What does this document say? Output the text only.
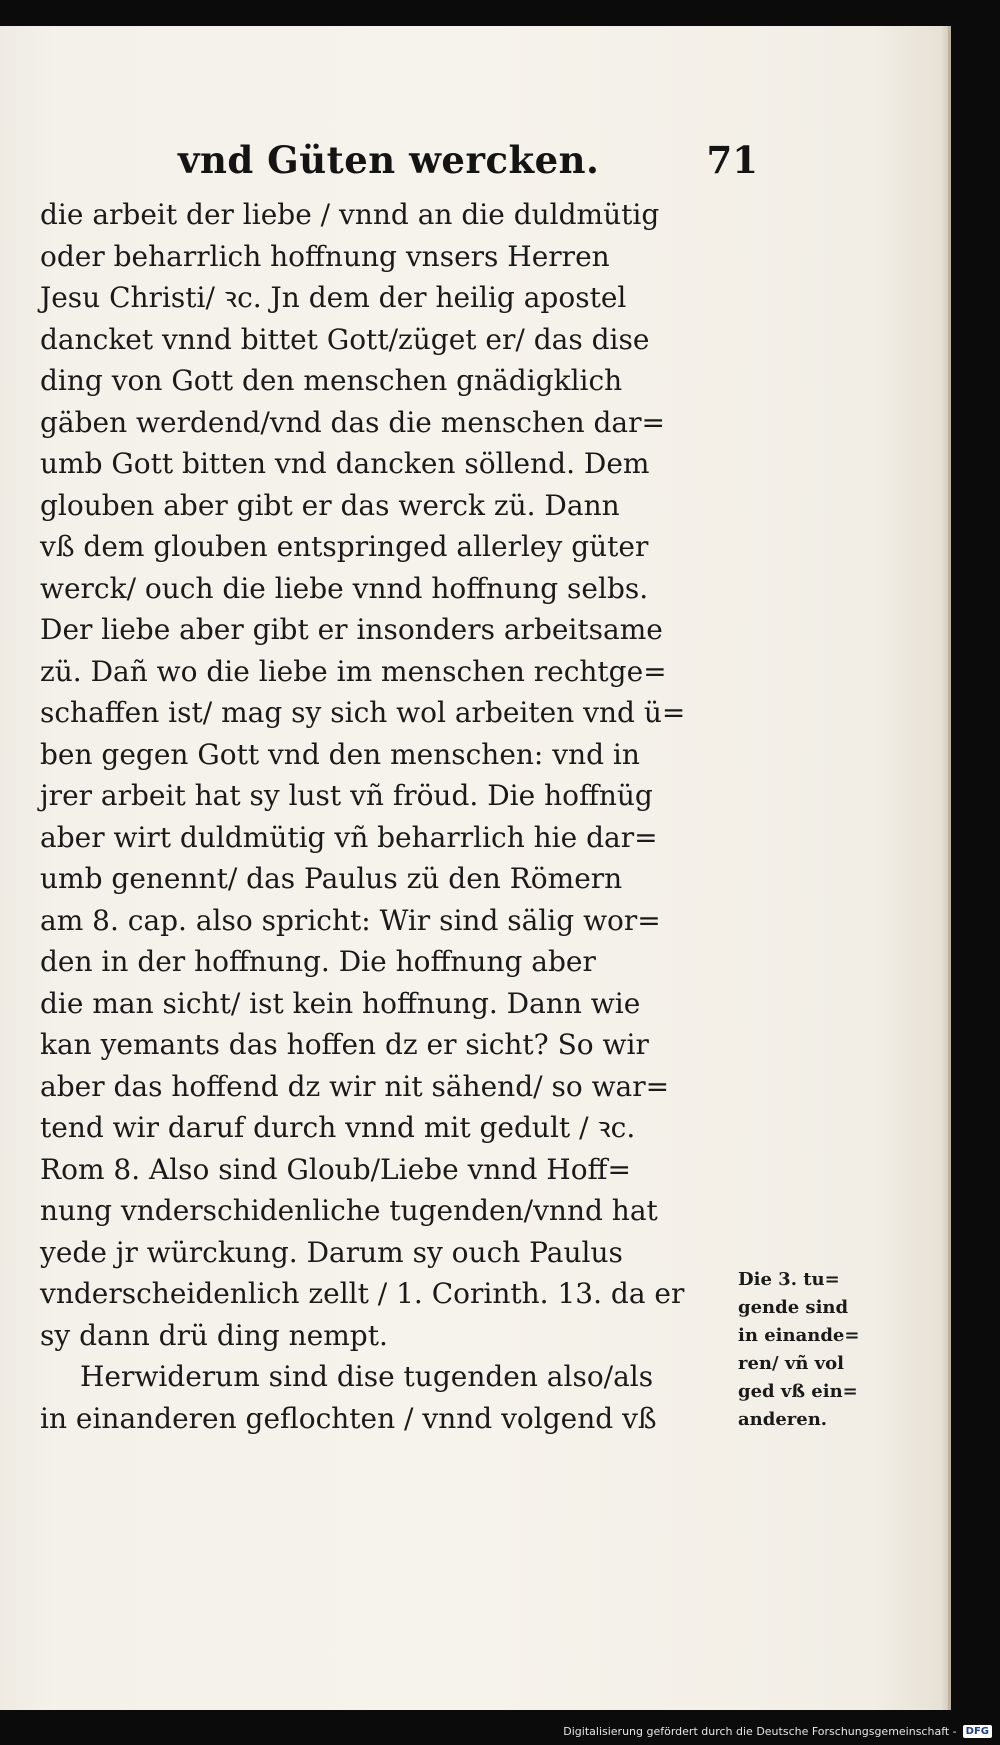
vnd Güten wercken.	71
die arbeit der liebe / vnnd an die duldmütig
oder beharrlich hoffnung vnsers Herren
Jesu Christi/ ꝛc. Jn dem der heilig apostel
dancket vnnd bittet Gott/züget er/ das dise
ding von Gott den menschen gnädigklich
gäben werdend/vnd das die menschen dar=
umb Gott bitten vnd dancken söllend. Dem
glouben aber gibt er das werck zü. Dann
vß dem glouben entspringed allerley güter
werck/ ouch die liebe vnnd hoffnung selbs.
Der liebe aber gibt er insonders arbeitsame
zü. Dañ wo die liebe im menschen rechtge=
schaffen ist/ mag sy sich wol arbeiten vnd ü=
ben gegen Gott vnd den menschen: vnd in
jrer arbeit hat sy lust vñ fröud. Die hoffnüg
aber wirt duldmütig vñ beharrlich hie dar=
umb genennt/ das Paulus zü den Römern
am 8. cap. also spricht: Wir sind sälig wor=
den in der hoffnung. Die hoffnung aber
die man sicht/ ist kein hoffnung. Dann wie
kan yemants das hoffen dz er sicht? So wir
aber das hoffend dz wir nit sähend/ so war=
tend wir daruf durch vnnd mit gedult / ꝛc.
Rom 8. Also sind Gloub/Liebe vnnd Hoff=
nung vnderschidenliche tugenden/vnnd hat
yede jr würckung. Darum sy ouch Paulus
vnderscheidenlich zellt / 1. Corinth. 13. da er
sy dann drü ding nempt.
Herwiderum sind dise tugenden also/als
in einanderen geflochten / vnnd volgend vß
Die 3. tu=
gende sind
in einande=
ren/ vñ vol
ged vß ein=
anderen.
Digitalisierung gefördert durch die Deutsche Forschungsgemeinschaft - DFG
